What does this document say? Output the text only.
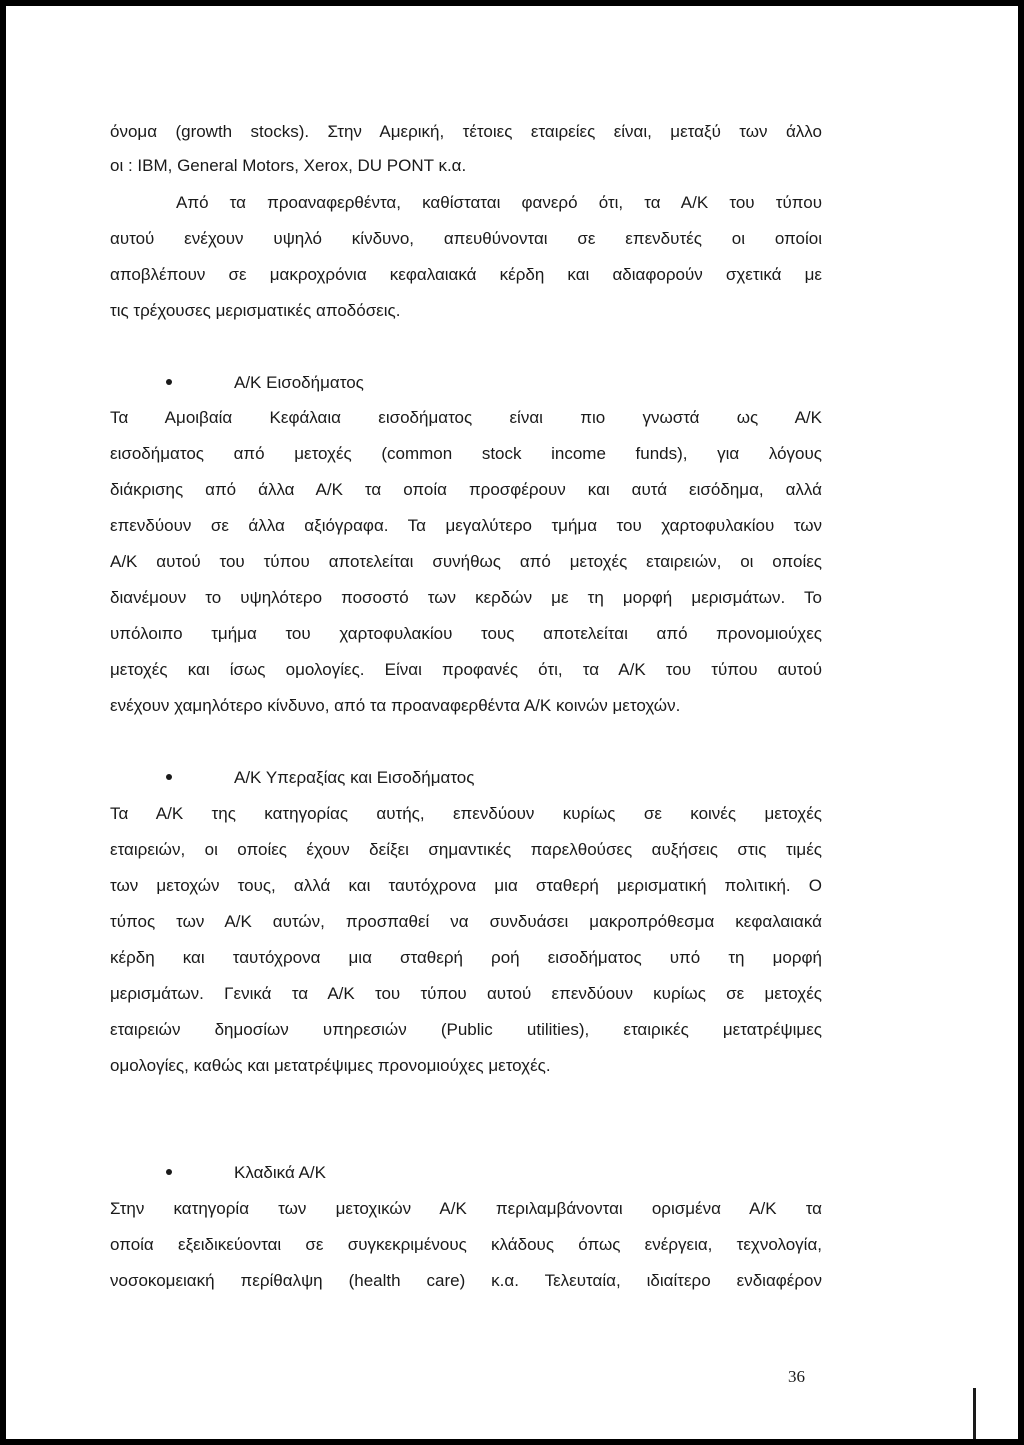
όνομα (growth stocks). Στην Αμερική, τέτοιες εταιρείες είναι, μεταξύ των άλλο
οι : IBM, General Motors, Xerox, DU PONT κ.α.
Από τα προαναφερθέντα, καθίσταται φανερό ότι, τα Α/Κ του τύπου
αυτού ενέχουν υψηλό κίνδυνο, απευθύνονται σε επενδυτές οι οποίοι
αποβλέπουν σε μακροχρόνια κεφαλαιακά κέρδη και αδιαφορούν σχετικά με
τις τρέχουσες μερισματικές αποδόσεις.
Α/Κ Εισοδήματος
Τα Αμοιβαία Κεφάλαια εισοδήματος είναι πιο γνωστά ως Α/Κ
εισοδήματος από μετοχές (common stock income funds), για λόγους
διάκρισης από άλλα Α/Κ τα οποία προσφέρουν και αυτά εισόδημα, αλλά
επενδύουν σε άλλα αξιόγραφα. Τα μεγαλύτερο τμήμα του χαρτοφυλακίου των
Α/Κ αυτού του τύπου αποτελείται συνήθως από μετοχές εταιρειών, οι οποίες
διανέμουν το υψηλότερο ποσοστό των κερδών με τη μορφή μερισμάτων. Το
υπόλοιπο τμήμα του χαρτοφυλακίου τους αποτελείται από προνομιούχες
μετοχές και ίσως ομολογίες. Είναι προφανές ότι, τα Α/Κ του τύπου αυτού
ενέχουν χαμηλότερο κίνδυνο, από τα προαναφερθέντα Α/Κ κοινών μετοχών.
Α/Κ Υπεραξίας και Εισοδήματος
Τα Α/Κ της κατηγορίας αυτής, επενδύουν κυρίως σε κοινές μετοχές
εταιρειών, οι οποίες έχουν δείξει σημαντικές παρελθούσες αυξήσεις στις τιμές
των μετοχών τους, αλλά και ταυτόχρονα μια σταθερή μερισματική πολιτική. Ο
τύπος των Α/Κ αυτών, προσπαθεί να συνδυάσει μακροπρόθεσμα κεφαλαιακά
κέρδη και ταυτόχρονα μια σταθερή ροή εισοδήματος υπό τη μορφή
μερισμάτων. Γενικά τα Α/Κ του τύπου αυτού επενδύουν κυρίως σε μετοχές
εταιρειών δημοσίων υπηρεσιών (Public utilities), εταιρικές μετατρέψιμες
ομολογίες, καθώς και μετατρέψιμες προνομιούχες μετοχές.
Κλαδικά Α/Κ
Στην κατηγορία των μετοχικών Α/Κ περιλαμβάνονται ορισμένα Α/Κ τα
οποία εξειδικεύονται σε συγκεκριμένους κλάδους όπως ενέργεια, τεχνολογία,
νοσοκομειακή περίθαλψη (health care) κ.α. Τελευταία, ιδιαίτερο ενδιαφέρον
36
